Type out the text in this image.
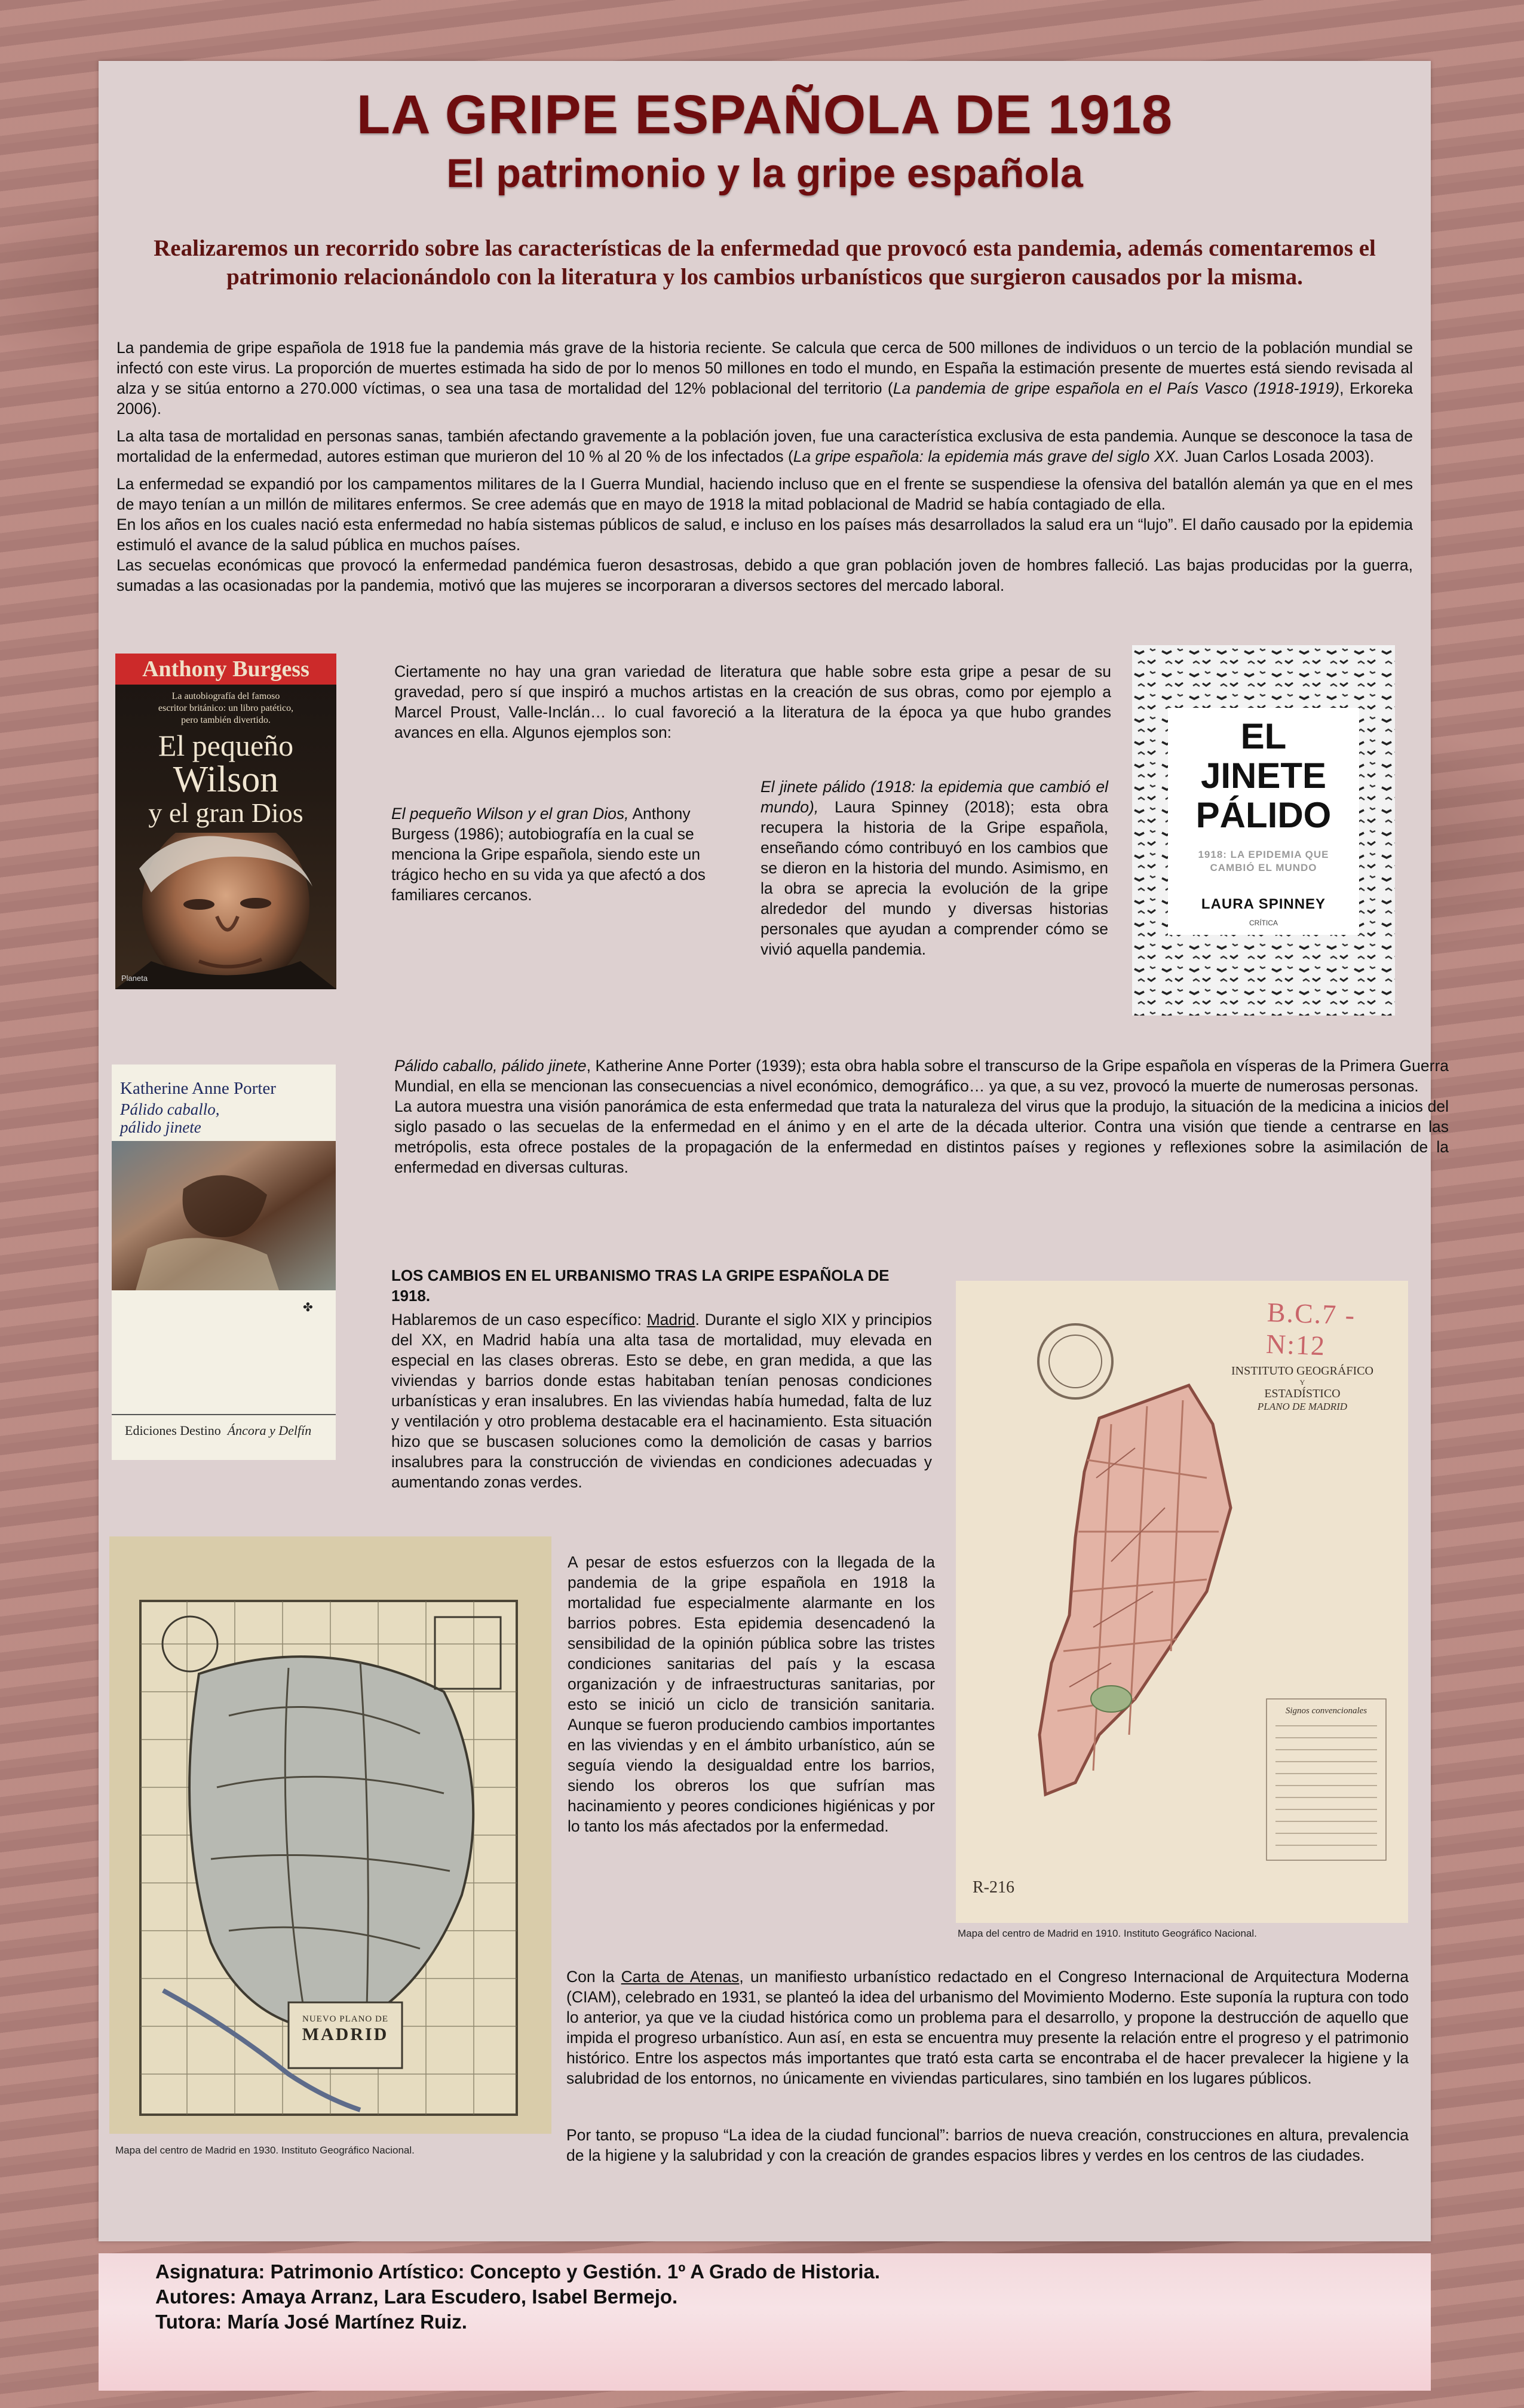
LA GRIPE ESPAÑOLA DE 1918
El patrimonio y la gripe española
Realizaremos un recorrido sobre las características de la enfermedad que provocó esta pandemia, además comentaremos el patrimonio relacionándolo con la literatura y los cambios urbanísticos que surgieron causados por la misma.

La pandemia de gripe española de 1918 fue la pandemia más grave de la historia reciente. Se calcula que cerca de 500 millones de individuos o un tercio de la población mundial se infectó con este virus. La proporción de muertes estimada ha sido de por lo menos 50 millones en todo el mundo, en España la estimación presente de muertes está siendo revisada al alza y se sitúa entorno a 270.000 víctimas, o sea una tasa de mortalidad del 12% poblacional del territorio (La pandemia de gripe española en el País Vasco (1918-1919), Erkoreka 2006).

La alta tasa de mortalidad en personas sanas, también afectando gravemente a la población joven, fue una característica exclusiva de esta pandemia. Aunque se desconoce la tasa de mortalidad de la enfermedad, autores estiman que murieron del 10 % al 20 % de los infectados (La gripe española: la epidemia más grave del siglo XX. Juan Carlos Losada 2003).

La enfermedad se expandió por los campamentos militares de la I Guerra Mundial, haciendo incluso que en el frente se suspendiese la ofensiva del batallón alemán ya que en el mes de mayo tenían a un millón de militares enfermos. Se cree además que en mayo de 1918 la mitad poblacional de Madrid se había contagiado de ella.

En los años en los cuales nació esta enfermedad no había sistemas públicos de salud, e incluso en los países más desarrollados la salud era un “lujo”. El daño causado por la epidemia estimuló el avance de la salud pública en muchos países.

Las secuelas económicas que provocó la enfermedad pandémica fueron desastrosas, debido a que gran población joven de hombres falleció. Las bajas producidas por la guerra, sumadas a las ocasionadas por la pandemia, motivó que las mujeres se incorporaran a diversos sectores del mercado laboral.

Anthony Burgess
La autobiografía del famoso escritor británico: un libro patético, pero también divertido.
El pequeño
Wilson
y el gran Dios
Planeta
Ciertamente no hay una gran variedad de literatura que hable sobre esta gripe a pesar de su gravedad, pero sí que inspiró a muchos artistas en la creación de sus obras, como por ejemplo a Marcel Proust, Valle-Inclán… lo cual favoreció a la literatura de la época ya que hubo grandes avances en ella. Algunos ejemplos son:
El pequeño Wilson y el gran Dios, Anthony Burgess (1986); autobiografía en la cual se menciona la Gripe española, siendo este un trágico hecho en su vida ya que afectó a dos familiares cercanos.
El jinete pálido (1918: la epidemia que cambió el mundo), Laura Spinney (2018); esta obra recupera la historia de la Gripe española, enseñando cómo contribuyó en los cambios que se dieron en la historia del mundo. Asimismo, en la obra se aprecia la evolución de la gripe alrededor del mundo y diversas historias personales que ayudan a comprender cómo se vivió aquella pandemia.
EL
JINETE
PÁLIDO
1918: LA EPIDEMIA QUE CAMBIÓ EL MUNDO
LAURA SPINNEY
CRÍTICA
Katherine Anne Porter
Pálido caballo,
pálido jinete
✤
Ediciones Destino Áncora y Delfín

Pálido caballo, pálido jinete, Katherine Anne Porter (1939); esta obra habla sobre el transcurso de la Gripe española en vísperas de la Primera Guerra Mundial, en ella se mencionan las consecuencias a nivel económico, demográfico… ya que, a su vez, provocó la muerte de numerosas personas.

La autora muestra una visión panorámica de esta enfermedad que trata la naturaleza del virus que la produjo, la situación de la medicina a inicios del siglo pasado o las secuelas de la enfermedad en el ánimo y en el arte de la década ulterior. Contra una visión que tiende a centrarse en las metrópolis, esta ofrece postales de la propagación de la enfermedad en distintos países y regiones y reflexiones sobre la asimilación de la enfermedad en diversas culturas.

LOS CAMBIOS EN EL URBANISMO TRAS LA GRIPE ESPAÑOLA DE 1918.
Hablaremos de un caso específico: Madrid. Durante el siglo XIX y principios del XX, en Madrid había una alta tasa de mortalidad, muy elevada en especial en las clases obreras. Esto se debe, en gran medida, a que las viviendas y barrios donde estas habitaban tenían penosas condiciones urbanísticas y eran insalubres. En las viviendas había humedad, falta de luz y ventilación y otro problema destacable era el hacinamiento. Esta situación hizo que se buscasen soluciones como la demolición de casas y barrios insalubres para la construcción de viviendas en condiciones adecuadas y aumentando zonas verdes.
B.C.7 - N:12
INSTITUTO GEOGRÁFICO
Y
ESTADÍSTICO
PLANO DE MADRID
Signos convencionales
R-216
Mapa del centro de Madrid en 1910. Instituto Geográfico Nacional.
NUEVO PLANO DE
MADRID
Mapa del centro de Madrid en 1930. Instituto Geográfico Nacional.
A pesar de estos esfuerzos con la llegada de la pandemia de la gripe española en 1918 la mortalidad fue especialmente alarmante en los barrios pobres. Esta epidemia desencadenó la sensibilidad de la opinión pública sobre las tristes condiciones sanitarias del país y la escasa organización y de infraestructuras sanitarias, por esto se inició un ciclo de transición sanitaria. Aunque se fueron produciendo cambios importantes en las viviendas y en el ámbito urbanístico, aún se seguía viendo la desigualdad entre los barrios, siendo los obreros los que sufrían mas hacinamiento y peores condiciones higiénicas y por lo tanto los más afectados por la enfermedad.
Con la Carta de Atenas, un manifiesto urbanístico redactado en el Congreso Internacional de Arquitectura Moderna (CIAM), celebrado en 1931, se planteó la idea del urbanismo del Movimiento Moderno. Este suponía la ruptura con todo lo anterior, ya que ve la ciudad histórica como un problema para el desarrollo, y propone la destrucción de aquello que impida el progreso urbanístico. Aun así, en esta se encuentra muy presente la relación entre el progreso y el patrimonio histórico. Entre los aspectos más importantes que trató esta carta se encontraba el de hacer prevalecer la higiene y la salubridad de los entornos, no únicamente en viviendas particulares, sino también en los lugares públicos.
Por tanto, se propuso “La idea de la ciudad funcional”: barrios de nueva creación, construcciones en altura, prevalencia de la higiene y la salubridad y con la creación de grandes espacios libres y verdes en los centros de las ciudades.
Asignatura: Patrimonio Artístico: Concepto y Gestión. 1º A Grado de Historia.
Autores: Amaya Arranz, Lara Escudero, Isabel Bermejo.
Tutora: María José Martínez Ruiz.
